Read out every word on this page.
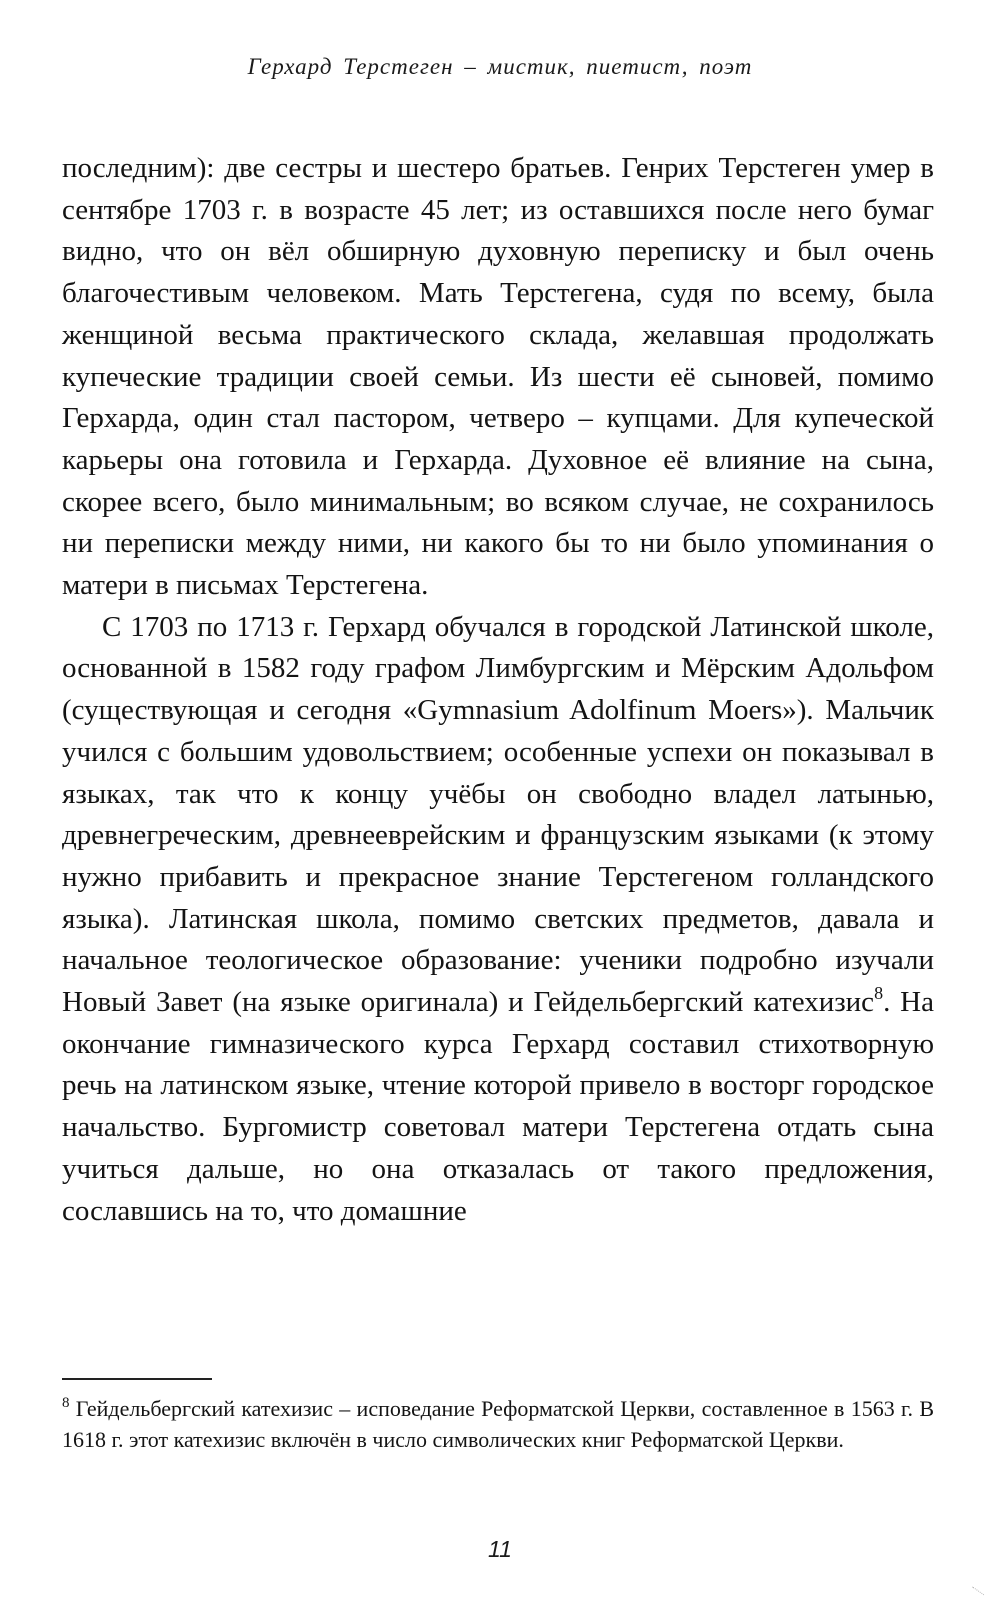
Герхард Терстеген – мистик, пиетист, поэт

последним): две сестры и шестеро братьев. Генрих Терстеген умер в сентябре 1703 г. в возрасте 45 лет; из оставшихся после него бумаг видно, что он вёл обширную духовную переписку и был очень благочестивым человеком. Мать Терстегена, судя по всему, была женщиной весьма практического склада, желавшая продолжать купеческие традиции своей семьи. Из шести её сыновей, помимо Герхарда, один стал пастором, четверо – купцами. Для купеческой карьеры она готовила и Герхарда. Духовное её влияние на сына, скорее всего, было минимальным; во всяком случае, не сохранилось ни переписки между ними, ни какого бы то ни было упоминания о матери в письмах Терстегена.

С 1703 по 1713 г. Герхард обучался в городской Латинской школе, основанной в 1582 году графом Лимбургским и Мёрским Адольфом (существующая и сегодня «Gymnasium Adolfinum Moers»). Мальчик учился с большим удовольствием; особенные успехи он показывал в языках, так что к концу учёбы он свободно владел латынью, древнегреческим, древнееврейским и французским языками (к этому нужно прибавить и прекрасное знание Терстегеном голландского языка). Латинская школа, помимо светских предметов, давала и начальное теологическое образование: ученики подробно изучали Новый Завет (на языке оригинала) и Гейдельбергский катехизис$^8$. На окончание гимназического курса Герхард составил стихотворную речь на латинском языке, чтение которой привело в восторг городское начальство. Бургомистр советовал матери Терстегена отдать сына учиться дальше, но она отказалась от такого предложения, сославшись на то, что домашние

$^8$ Гейдельбергский катехизис – исповедание Реформатской Церкви, составленное в 1563 г. В 1618 г. этот катехизис включён в число символических книг Реформатской Церкви.

11
